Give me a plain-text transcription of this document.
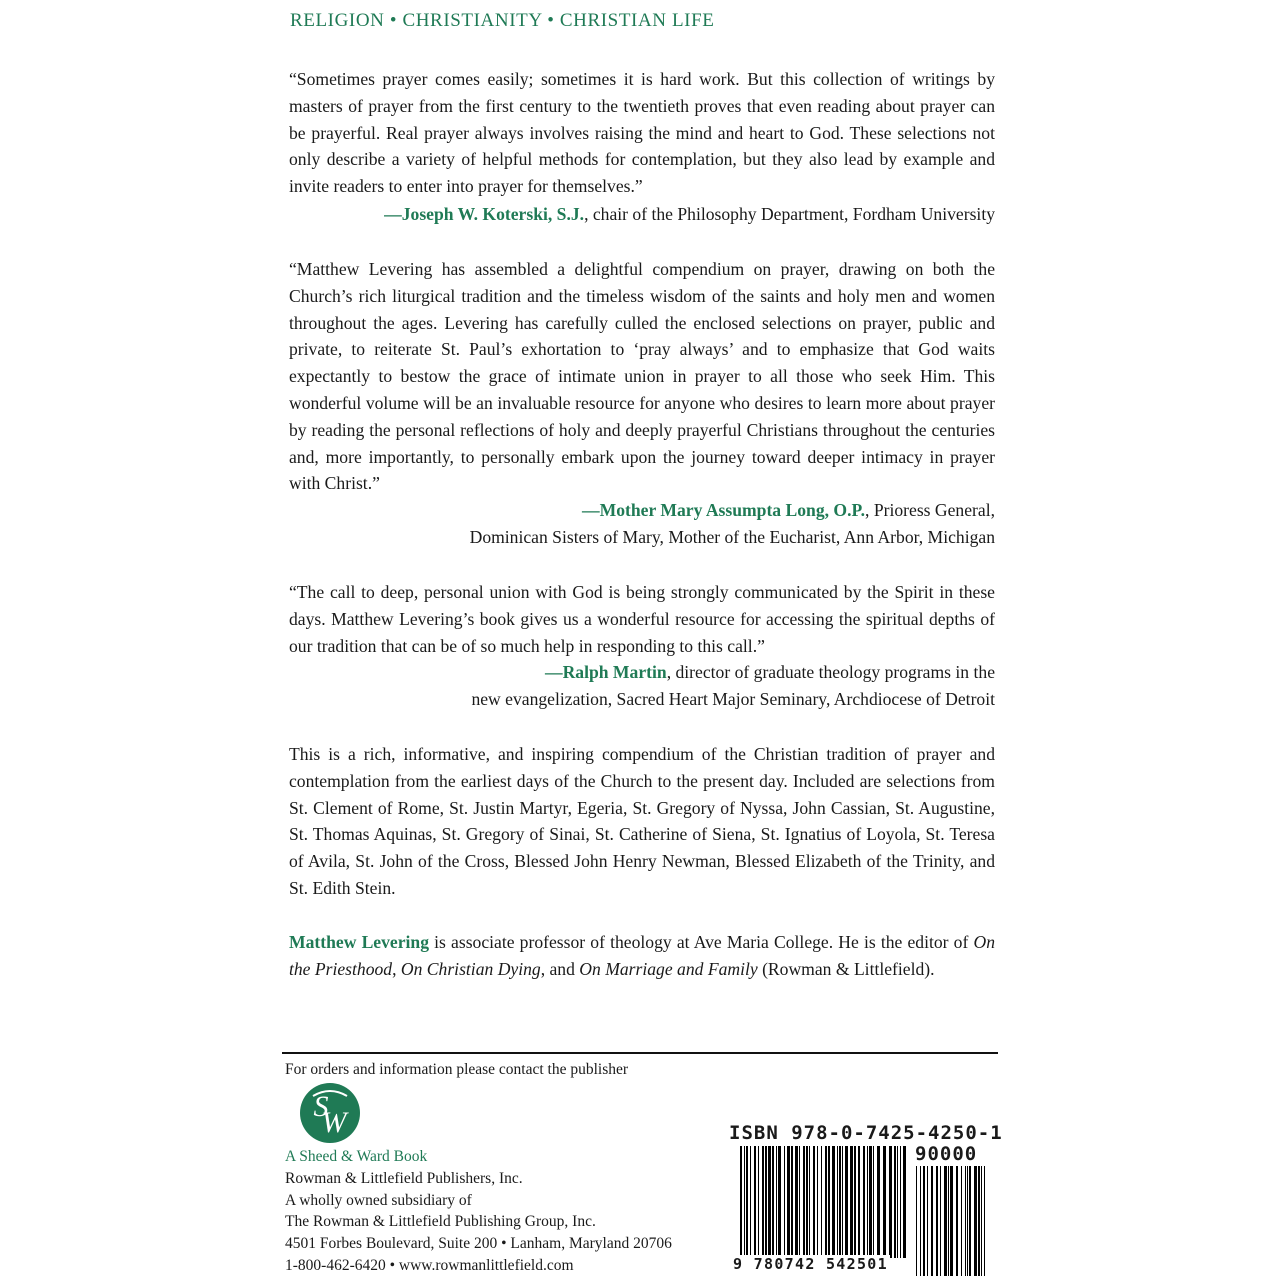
RELIGION • CHRISTIANITY • CHRISTIAN LIFE
“Sometimes prayer comes easily; sometimes it is hard work. But this collection of writings by masters of prayer from the first century to the twentieth proves that even reading about prayer can be prayerful. Real prayer always involves raising the mind and heart to God. These selections not only describe a variety of helpful methods for contemplation, but they also lead by example and invite readers to enter into prayer for themselves.”
—Joseph W. Koterski, S.J., chair of the Philosophy Department, Fordham University
“Matthew Levering has assembled a delightful compendium on prayer, drawing on both the Church’s rich liturgical tradition and the timeless wisdom of the saints and holy men and women throughout the ages. Levering has carefully culled the enclosed selections on prayer, public and private, to reiterate St. Paul’s exhortation to ‘pray always’ and to emphasize that God waits expectantly to bestow the grace of intimate union in prayer to all those who seek Him. This wonderful volume will be an invaluable resource for anyone who desires to learn more about prayer by reading the personal reflections of holy and deeply prayerful Christians throughout the centuries and, more importantly, to personally embark upon the journey toward deeper intimacy in prayer with Christ.”
—Mother Mary Assumpta Long, O.P., Prioress General,
Dominican Sisters of Mary, Mother of the Eucharist, Ann Arbor, Michigan
“The call to deep, personal union with God is being strongly communicated by the Spirit in these days. Matthew Levering’s book gives us a wonderful resource for accessing the spiritual depths of our tradition that can be of so much help in responding to this call.”
—Ralph Martin, director of graduate theology programs in the
new evangelization, Sacred Heart Major Seminary, Archdiocese of Detroit
This is a rich, informative, and inspiring compendium of the Christian tradition of prayer and contemplation from the earliest days of the Church to the present day. Included are selections from St. Clement of Rome, St. Justin Martyr, Egeria, St. Gregory of Nyssa, John Cassian, St. Augustine, St. Thomas Aquinas, St. Gregory of Sinai, St. Catherine of Siena, St. Ignatius of Loyola, St. Teresa of Avila, St. John of the Cross, Blessed John Henry Newman, Blessed Elizabeth of the Trinity, and St. Edith Stein.
Matthew Levering is associate professor of theology at Ave Maria College. He is the editor of On the Priesthood, On Christian Dying, and On Marriage and Family (Rowman & Littlefield).
For orders and information please contact the publisher
S
W
A Sheed & Ward Book
Rowman & Littlefield Publishers, Inc.
A wholly owned subsidiary of
The Rowman & Littlefield Publishing Group, Inc.
4501 Forbes Boulevard, Suite 200 • Lanham, Maryland 20706
1-800-462-6420 • www.rowmanlittlefield.com
ISBN 978-0-7425-4250-1
90000
9 780742 542501
